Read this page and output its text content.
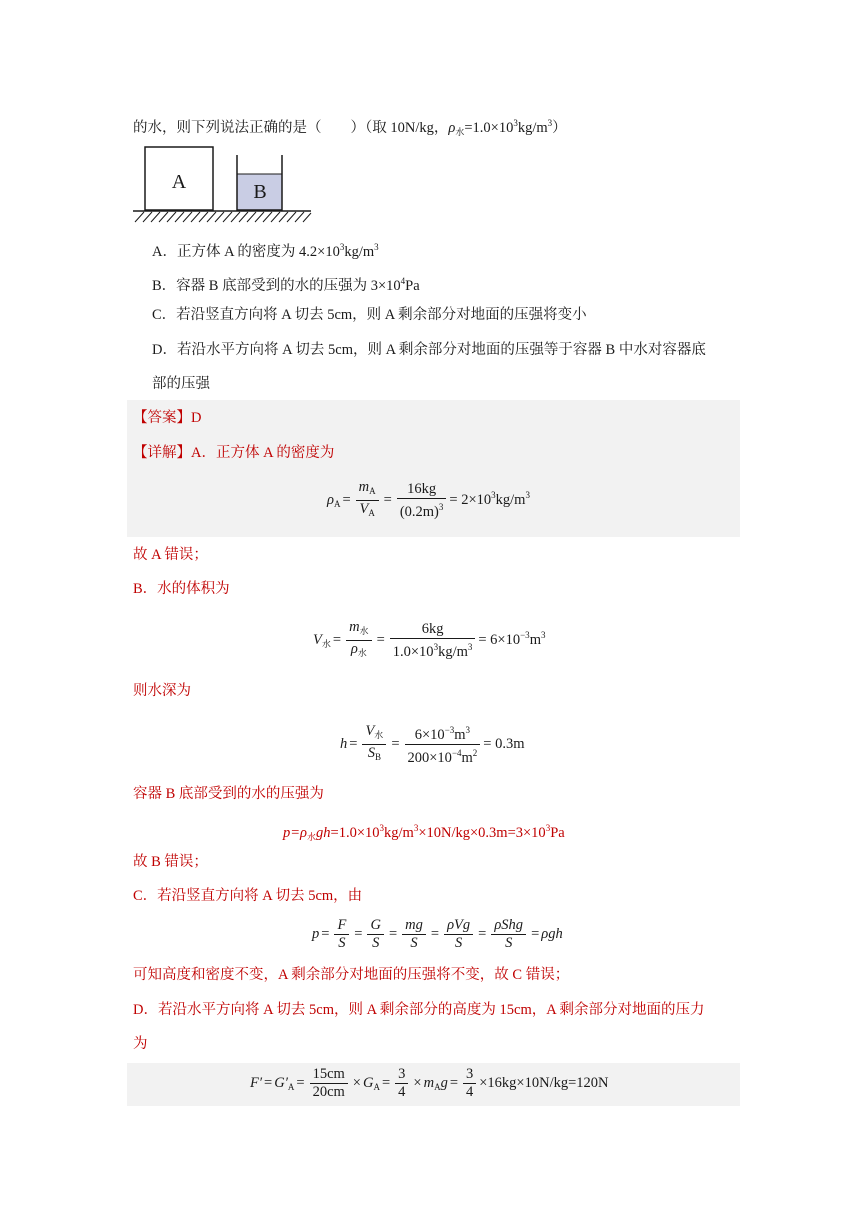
的水，则下列说法正确的是（　　）（取 10N/kg，$\rho_水=1.0\times 10^3kg/m^3$）
A	B
A．正方体 A 的密度为 $4.2\times 10^3kg/m^3$
B．容器 B 底部受到的水的压强为 $3\times 10^4Pa$
C．若沿竖直方向将 A 切去 5cm，则 A 剩余部分对地面的压强将变小
D．若沿水平方向将 A 切去 5cm，则 A 剩余部分对地面的压强等于容器 B 中水对容器底
部的压强
【答案】D
【详解】A．正方体 A 的密度为
$\rho_A = \frac{m_A}{V_A} = \frac{16kg}{(0.2m)^3} = 2\times 10^3kg/m^3$
故 A 错误；
B．水的体积为
$V_水 = \frac{m_水}{\rho_水} = \frac{6kg}{1.0\times 10^3kg/m^3} = 6\times 10^{-3}m^3$
则水深为
$h = \frac{V_水}{S_B} = \frac{6\times 10^{-3}m^3}{200\times 10^{-4}m^2} = 0.3m$
容器 B 底部受到的水的压强为
$p=\rho_水gh=1.0\times 10^3kg/m^3\times 10N/kg\times 0.3m=3\times 10^3Pa$
故 B 错误；
C．若沿竖直方向将 A 切去 5cm，由
$p = \frac{F}{S} = \frac{G}{S} = \frac{mg}{S} = \frac{\text{ρVg}}{S} = \frac{\text{ρShg}}{S} = \rho gh$
可知高度和密度不变，A 剩余部分对地面的压强将不变，故 C 错误；
D．若沿水平方向将 A 切去 5cm，则 A 剩余部分的高度为 15cm，A 剩余部分对地面的压力
为
$F' = G'_A = \frac{15cm}{20cm} \times G_A = \frac{3}{4} \times m_Ag = \frac{3}{4} \times 16kg\times 10N/kg=120N$
